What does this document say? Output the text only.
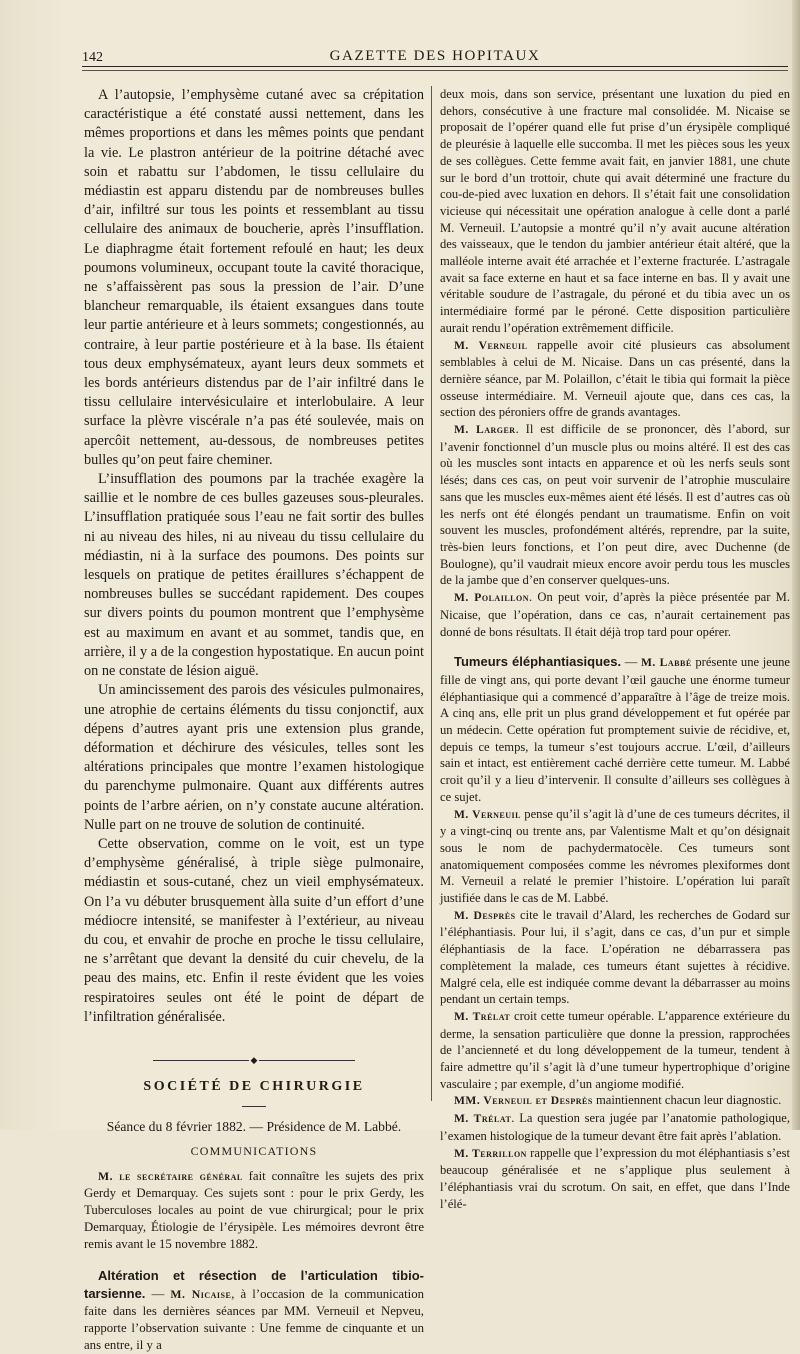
142	GAZETTE DES HOPITAUX

A l’autopsie, l’emphysème cutané avec sa crépitation caractéristique a été constaté aussi nettement, dans les mêmes proportions et dans les mêmes points que pendant la vie. Le plastron antérieur de la poitrine détaché avec soin et rabattu sur l’abdomen, le tissu cellulaire du médiastin est apparu distendu par de nombreuses bulles d’air, infiltré sur tous les points et ressemblant au tissu cellulaire des animaux de boucherie, après l’insufflation. Le diaphragme était fortement refoulé en haut; les deux poumons volumineux, occupant toute la cavité thoracique, ne s’affaissèrent pas sous la pression de l’air. D’une blancheur remarquable, ils étaient exsangues dans toute leur partie antérieure et à leurs sommets; congestionnés, au contraire, à leur partie postérieure et à la base. Ils étaient tous deux emphysémateux, ayant leurs deux sommets et les bords antérieurs distendus par de l’air infiltré dans le tissu cellulaire intervésiculaire et interlobulaire. A leur surface la plèvre viscérale n’a pas été soulevée, mais on apercôit nettement, au-dessous, de nombreuses petites bulles qu’on peut faire cheminer.

L’insufflation des poumons par la trachée exagère la saillie et le nombre de ces bulles gazeuses sous-pleurales. L’insufflation pratiquée sous l’eau ne fait sortir des bulles ni au niveau des hiles, ni au niveau du tissu cellulaire du médiastin, ni à la surface des poumons. Des points sur lesquels on pratique de petites éraillures s’échappent de nombreuses bulles se succédant rapidement. Des coupes sur divers points du poumon montrent que l’emphysème est au maximum en avant et au sommet, tandis que, en arrière, il y a de la congestion hypostatique. En aucun point on ne constate de lésion aiguë.

Un amincissement des parois des vésicules pulmonaires, une atrophie de certains éléments du tissu conjonctif, aux dépens d’autres ayant pris une extension plus grande, déformation et déchirure des vésicules, telles sont les altérations principales que montre l’examen histologique du parenchyme pulmonaire. Quant aux différents autres points de l’arbre aérien, on n’y constate aucune altération. Nulle part on ne trouve de solution de continuité.

Cette observation, comme on le voit, est un type d’emphysème généralisé, à triple siège pulmonaire, médiastin et sous-cutané, chez un vieil emphysémateux. On l’a vu débuter brusquement àlla suite d’un effort d’une médiocre intensité, se manifester à l’extérieur, au niveau du cou, et envahir de proche en proche le tissu cellulaire, ne s’arrêtant que devant la densité du cuir chevelu, de la peau des mains, etc. Enfin il reste évident que les voies respiratoires seules ont été le point de départ de l’infiltration généralisée.

◆
SOCIÉTÉ DE CHIRURGIE

Séance du 8 février 1882. — Présidence de M. Labbé.

COMMUNICATIONS

M. le secrétaire général fait connaître les sujets des prix Gerdy et Demarquay. Ces sujets sont : pour le prix Gerdy, les Tuberculoses locales au point de vue chirurgical; pour le prix Demarquay, Étiologie de l’érysipèle. Les mémoires devront être remis avant le 15 novembre 1882.

Altération et résection de l’articulation tibio-tarsienne. — M. Nicaise, à l’occasion de la communication faite dans les dernières séances par MM. Verneuil et Nepveu, rapporte l’observation suivante : Une femme de cinquante et un ans entre, il y a

deux mois, dans son service, présentant une luxation du pied en dehors, consécutive à une fracture mal consolidée. M. Nicaise se proposait de l’opérer quand elle fut prise d’un érysipèle compliqué de pleurésie à laquelle elle succomba. Il met les pièces sous les yeux de ses collègues. Cette femme avait fait, en janvier 1881, une chute sur le bord d’un trottoir, chute qui avait déterminé une fracture du cou-de-pied avec luxation en dehors. Il s’était fait une consolidation vicieuse qui nécessitait une opération analogue à celle dont a parlé M. Verneuil. L’autopsie a montré qu’il n’y avait aucune altération des vaisseaux, que le tendon du jambier antérieur était altéré, que la malléole interne avait été arrachée et l’externe fracturée. L’astragale avait sa face externe en haut et sa face interne en bas. Il y avait une véritable soudure de l’astragale, du péroné et du tibia avec un os intermédiaire formé par le péroné. Cette disposition particulière aurait rendu l’opération extrêmement difficile.

M. Verneuil rappelle avoir cité plusieurs cas absolument semblables à celui de M. Nicaise. Dans un cas présenté, dans la dernière séance, par M. Polaillon, c’était le tibia qui formait la pièce osseuse intermédiaire. M. Verneuil ajoute que, dans ces cas, la section des péroniers offre de grands avantages.

M. Larger. Il est difficile de se prononcer, dès l’abord, sur l’avenir fonctionnel d’un muscle plus ou moins altéré. Il est des cas où les muscles sont intacts en apparence et où les nerfs seuls sont lésés; dans ces cas, on peut voir survenir de l’atrophie musculaire sans que les muscles eux-mêmes aient été lésés. Il est d’autres cas où les nerfs ont été élongés pendant un traumatisme. Enfin on voit souvent les muscles, profondément altérés, reprendre, par la suite, très-bien leurs fonctions, et l’on peut dire, avec Duchenne (de Boulogne), qu’il vaudrait mieux encore avoir perdu tous les muscles de la jambe que d’en conserver quelques-uns.

M. Polaillon. On peut voir, d’après la pièce présentée par M. Nicaise, que l’opération, dans ce cas, n’aurait certainement pas donné de bons résultats. Il était déjà trop tard pour opérer.

Tumeurs éléphantiasiques. — M. Labbé présente une jeune fille de vingt ans, qui porte devant l’œil gauche une énorme tumeur éléphantiasique qui a commencé d’apparaître à l’âge de treize mois. A cinq ans, elle prit un plus grand développement et fut opérée par un médecin. Cette opération fut promptement suivie de récidive, et, depuis ce temps, la tumeur s’est toujours accrue. L’œil, d’ailleurs sain et intact, est entièrement caché derrière cette tumeur. M. Labbé croit qu’il y a lieu d’intervenir. Il consulte d’ailleurs ses collègues à ce sujet.

M. Verneuil pense qu’il s’agit là d’une de ces tumeurs décrites, il y a vingt-cinq ou trente ans, par Valentisme Malt et qu’on désignait sous le nom de pachydermatocèle. Ces tumeurs sont anatomiquement composées comme les névromes plexiformes dont M. Verneuil a relaté le premier l’histoire. L’opération lui paraît justifiée dans le cas de M. Labbé.

M. Desprès cite le travail d’Alard, les recherches de Godard sur l’éléphantiasis. Pour lui, il s’agit, dans ce cas, d’un pur et simple éléphantiasis de la face. L’opération ne débarrassera pas complètement la malade, ces tumeurs étant sujettes à récidive. Malgré cela, elle est indiquée comme devant la débarrasser au moins pendant un certain temps.

M. Trélat croit cette tumeur opérable. L’apparence extérieure du derme, la sensation particulière que donne la pression, rapprochées de l’ancienneté et du long développement de la tumeur, tendent à faire admettre qu’il s’agit là d’une tumeur hypertrophique d’origine vasculaire ; par exemple, d’un angiome modifié.

MM. Verneuil et Desprès maintiennent chacun leur diagnostic.

M. Trélat. La question sera jugée par l’anatomie pathologique, l’examen histologique de la tumeur devant être fait après l’ablation.

M. Terrillon rappelle que l’expression du mot éléphantiasis s’est beaucoup généralisée et ne s’applique plus seulement à l’éléphantiasis vrai du scrotum. On sait, en effet, que dans l’Inde l’élé-
